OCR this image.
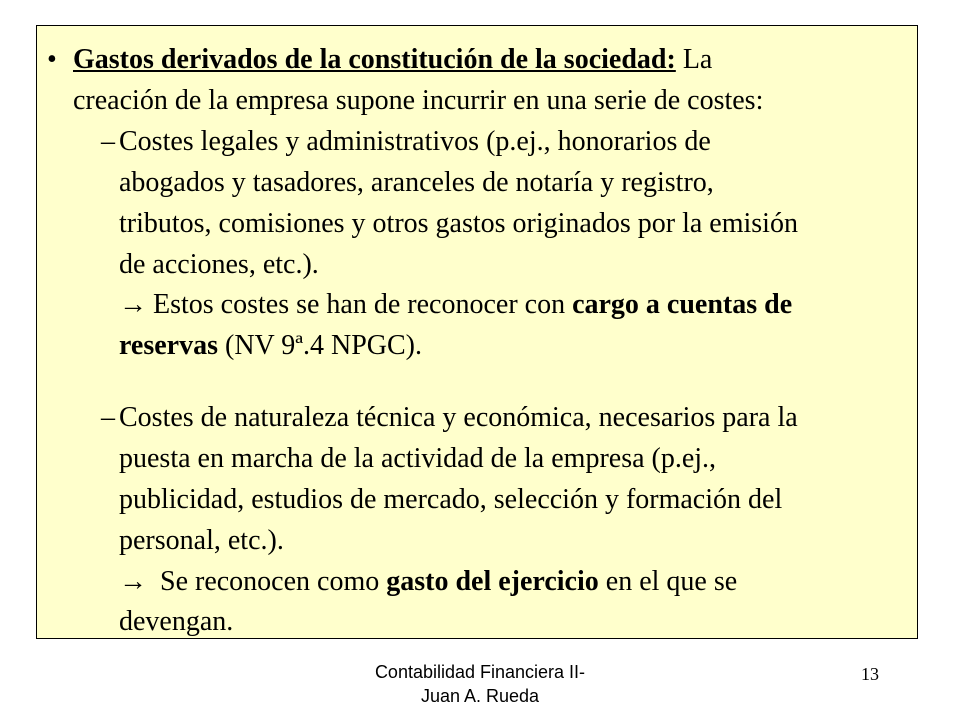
• Gastos derivados de la constitución de la sociedad: La
creación de la empresa supone incurrir en una serie de costes:
– Costes legales y administrativos (p.ej., honorarios de
abogados y tasadores, aranceles de notaría y registro,
tributos, comisiones y otros gastos originados por la emisión
de acciones, etc.).
→ Estos costes se han de reconocer con cargo a cuentas de
reservas (NV 9ª.4 NPGC).
– Costes de naturaleza técnica y económica, necesarios para la
puesta en marcha de la actividad de la empresa (p.ej.,
publicidad, estudios de mercado, selección y formación del
personal, etc.).
→ Se reconocen como gasto del ejercicio en el que se
devengan.
Contabilidad Financiera II-
Juan A. Rueda
13
